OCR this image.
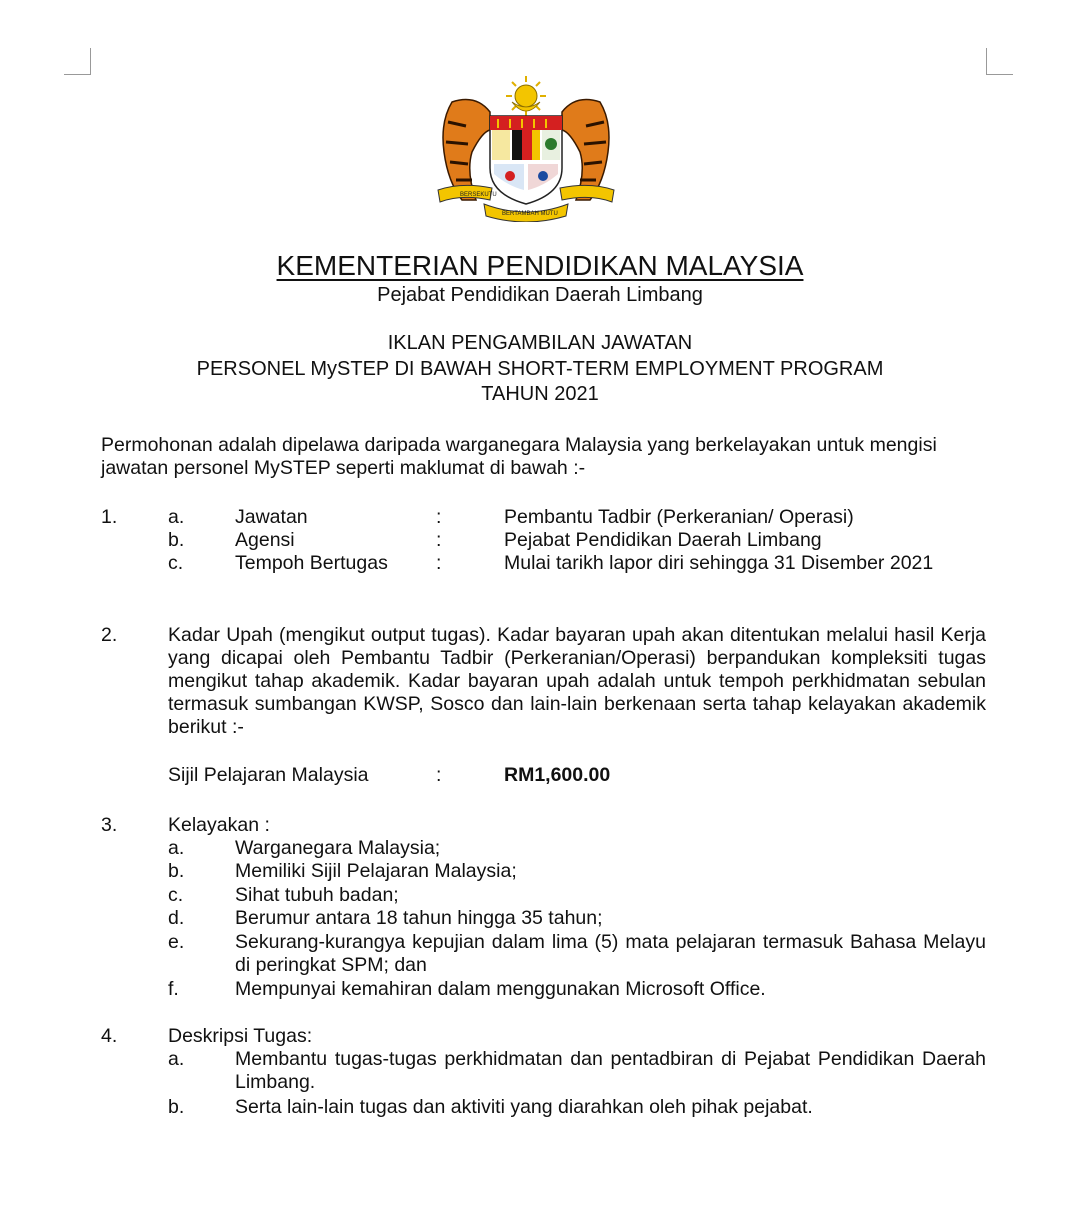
BERSEKUTU
BERTAMBAH MUTU
KEMENTERIAN PENDIDIKAN MALAYSIA
Pejabat Pendidikan Daerah Limbang
IKLAN PENGAMBILAN JAWATAN
PERSONEL MySTEP DI BAWAH SHORT-TERM EMPLOYMENT PROGRAM
TAHUN 2021
Permohonan adalah dipelawa daripada warganegara Malaysia yang berkelayakan untuk mengisi jawatan personel MySTEP seperti maklumat di bawah :-
1.	a.	Jawatan	:	Pembantu Tadbir (Perkeranian/ Operasi)
b.	Agensi	:	Pejabat Pendidikan Daerah Limbang
c.	Tempoh Bertugas :	Mulai tarikh lapor diri sehingga 31 Disember 2021
2.	Kadar Upah (mengikut output tugas). Kadar bayaran upah akan ditentukan melalui hasil Kerja yang dicapai oleh Pembantu Tadbir (Perkeranian/Operasi) berpandukan kompleksiti tugas mengikut tahap akademik. Kadar bayaran upah adalah untuk tempoh perkhidmatan sebulan termasuk sumbangan KWSP, Sosco dan lain-lain berkenaan serta tahap kelayakan akademik berikut :-
Sijil Pelajaran Malaysia	:	RM1,600.00
3.	Kelayakan :
a.	Warganegara Malaysia;
b.	Memiliki Sijil Pelajaran Malaysia;
c.	Sihat tubuh badan;
d.	Berumur antara 18 tahun hingga 35 tahun;
e.	Sekurang-kurangya kepujian dalam lima (5) mata pelajaran termasuk Bahasa Melayu di peringkat SPM; dan
f.	Mempunyai kemahiran dalam menggunakan Microsoft Office.
4.	Deskripsi Tugas:
a.	Membantu tugas-tugas perkhidmatan dan pentadbiran di Pejabat Pendidikan Daerah Limbang.
b.	Serta lain-lain tugas dan aktiviti yang diarahkan oleh pihak pejabat.
